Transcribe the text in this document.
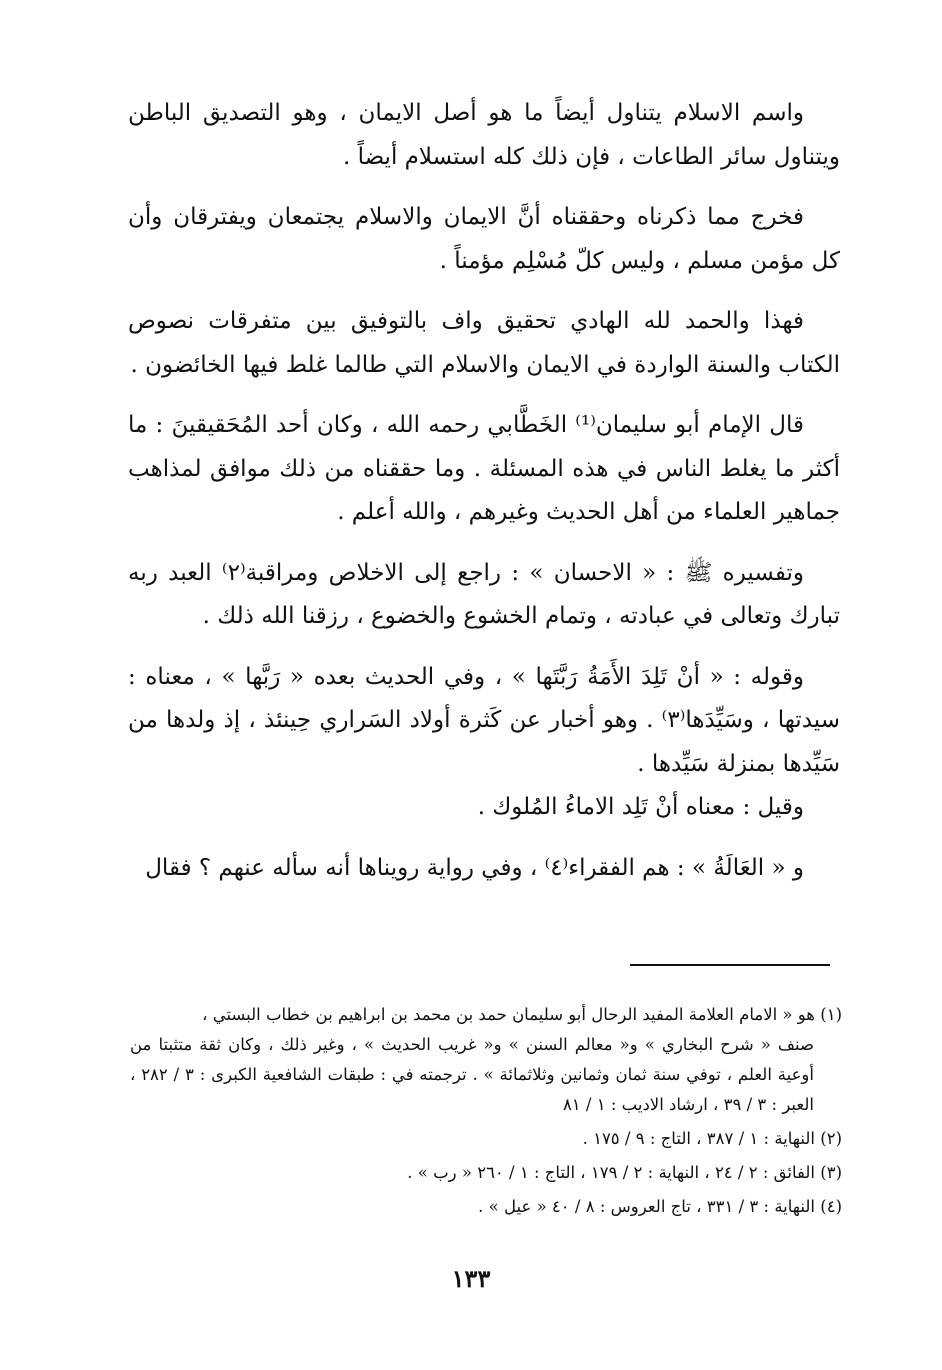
واسم الاسلام يتناول أيضاً ما هو أصل الايمان ، وهو التصديق الباطن ويتناول سائر الطاعات ، فإن ذلك كله استسلام أيضاً .

فخرج مما ذكرناه وحققناه أنَّ الايمان والاسلام يجتمعان ويفترقان وأن كل مؤمن مسلم ، وليس كلّ مُسْلِم مؤمناً .

فهذا والحمد لله الهادي تحقيق واف بالتوفيق بين متفرقات نصوص الكتاب والسنة الواردة في الايمان والاسلام التي طالما غلط فيها الخائضون .

قال الإمام أبو سليمان⁽¹⁾ الخَطَّابي رحمه الله ، وكان أحد المُحَقيقينَ : ما أكثر ما يغلط الناس في هذه المسئلة . وما حققناه من ذلك موافق لمذاهب جماهير العلماء من أهل الحديث وغيرهم ، والله أعلم .

وتفسيره ﷺ : « الاحسان » : راجع إلى الاخلاص ومراقبة⁽٢⁾ العبد ربه تبارك وتعالى في عبادته ، وتمام الخشوع والخضوع ، رزقنا الله ذلك .

وقوله : « أنْ تَلِدَ الأَمَةُ رَبَّتَها » ، وفي الحديث بعده « رَبَّها » ، معناه : سيدتها ، وسَيِّدَها⁽٣⁾ . وهو أخبار عن كَثرة أولاد السَراري حِينئذ ، إذ ولدها من سَيِّدها بمنزلة سَيِّدها .

وقيل : معناه أنْ تَلِد الاماءُ المُلوك .

و « العَالَةُ » : هم الفقراء⁽٤⁾ ، وفي رواية رويناها أنه سأله عنهم ؟ فقال

(١) هو « الامام العلامة المفيد الرحال أبو سليمان حمد بن محمد بن ابراهيم بن خطاب البستي ،
صنف « شرح البخاري » و« معالم السنن » و« غريب الحديث » ، وغير ذلك ، وكان ثقة متثبتا من أوعية العلم ، توفي سنة ثمان وثمانين وثلاثمائة » . ترجمته في : طبقات الشافعية الكبرى : ٣ / ٢٨٢ ، العبر : ٣ / ٣٩ ، ارشاد الاديب : ١ / ٨١

(٢) النهاية : ١ / ٣٨٧ ، التاج : ٩ / ١٧٥ .

(٣) الفائق : ٢ / ٢٤ ، النهاية : ٢ / ١٧٩ ، التاج : ١ / ٢٦٠ « رب » .

(٤) النهاية : ٣ / ٣٣١ ، تاج العروس : ٨ / ٤٠ « عيل » .

١٣٣
